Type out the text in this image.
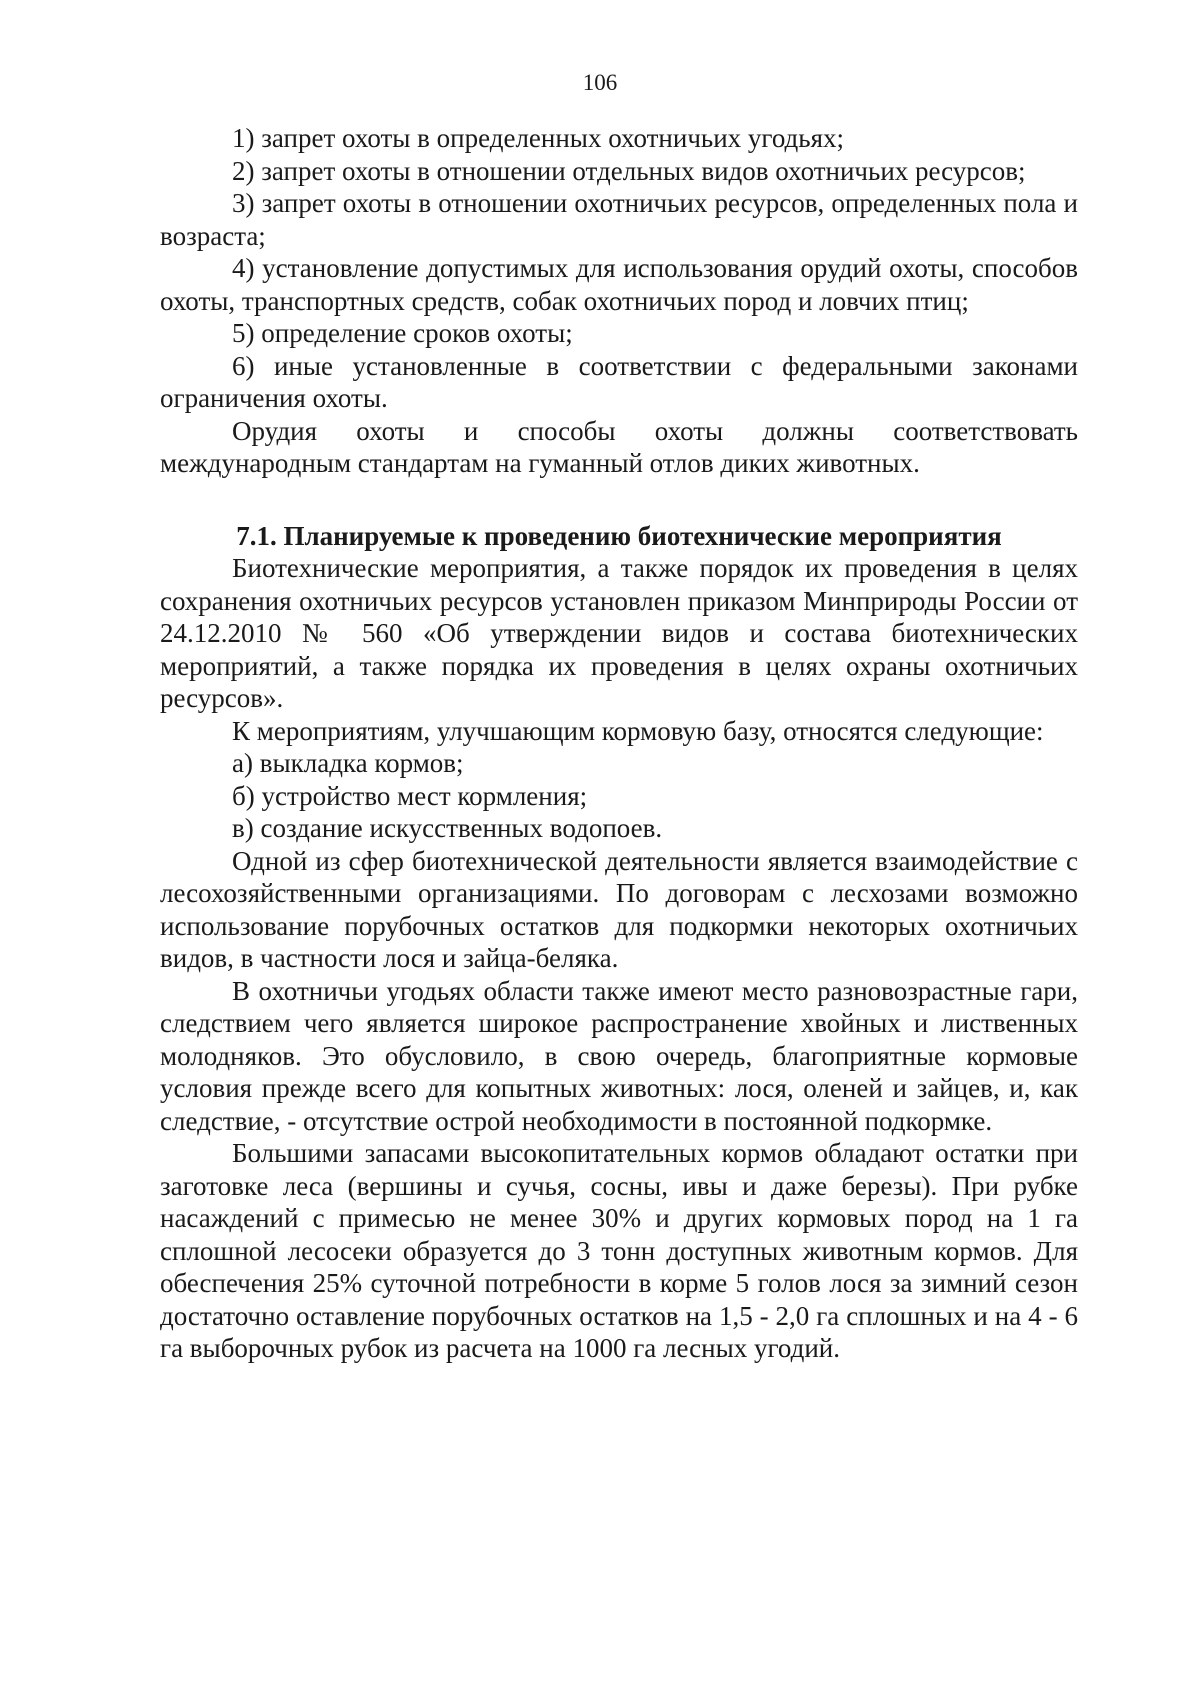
106

1) запрет охоты в определенных охотничьих угодьях;

2) запрет охоты в отношении отдельных видов охотничьих ресурсов;

3) запрет охоты в отношении охотничьих ресурсов, определенных пола и возраста;

4) установление допустимых для использования орудий охоты, способов охоты, транспортных средств, собак охотничьих пород и ловчих птиц;

5) определение сроков охоты;

6) иные установленные в соответствии с федеральными законами ограничения охоты.

Орудия охоты и способы охоты должны соответствовать международным стандартам на гуманный отлов диких животных.

7.1. Планируемые к проведению биотехнические мероприятия

Биотехнические мероприятия, а также порядок их проведения в целях сохранения охотничьих ресурсов установлен приказом Минприроды России от 24.12.2010 № 560 «Об утверждении видов и состава биотехнических мероприятий, а также порядка их проведения в целях охраны охотничьих ресурсов».

К мероприятиям, улучшающим кормовую базу, относятся следующие:

а) выкладка кормов;

б) устройство мест кормления;

в) создание искусственных водопоев.

Одной из сфер биотехнической деятельности является взаимодействие с лесохозяйственными организациями. По договорам с лесхозами возможно использование порубочных остатков для подкормки некоторых охотничьих видов, в частности лося и зайца-беляка.

В охотничьи угодьях области также имеют место разновозрастные гари, следствием чего является широкое распространение хвойных и лиственных молодняков. Это обусловило, в свою очередь, благоприятные кормовые условия прежде всего для копытных животных: лося, оленей и зайцев, и, как следствие, - отсутствие острой необходимости в постоянной подкормке.

Большими запасами высокопитательных кормов обладают остатки при заготовке леса (вершины и сучья, сосны, ивы и даже березы). При рубке насаждений с примесью не менее 30% и других кормовых пород на 1 га сплошной лесосеки образуется до 3 тонн доступных животным кормов. Для обеспечения 25% суточной потребности в корме 5 голов лося за зимний сезон достаточно оставление порубочных остатков на 1,5 - 2,0 га сплошных и на 4 - 6 га выборочных рубок из расчета на 1000 га лесных угодий.
